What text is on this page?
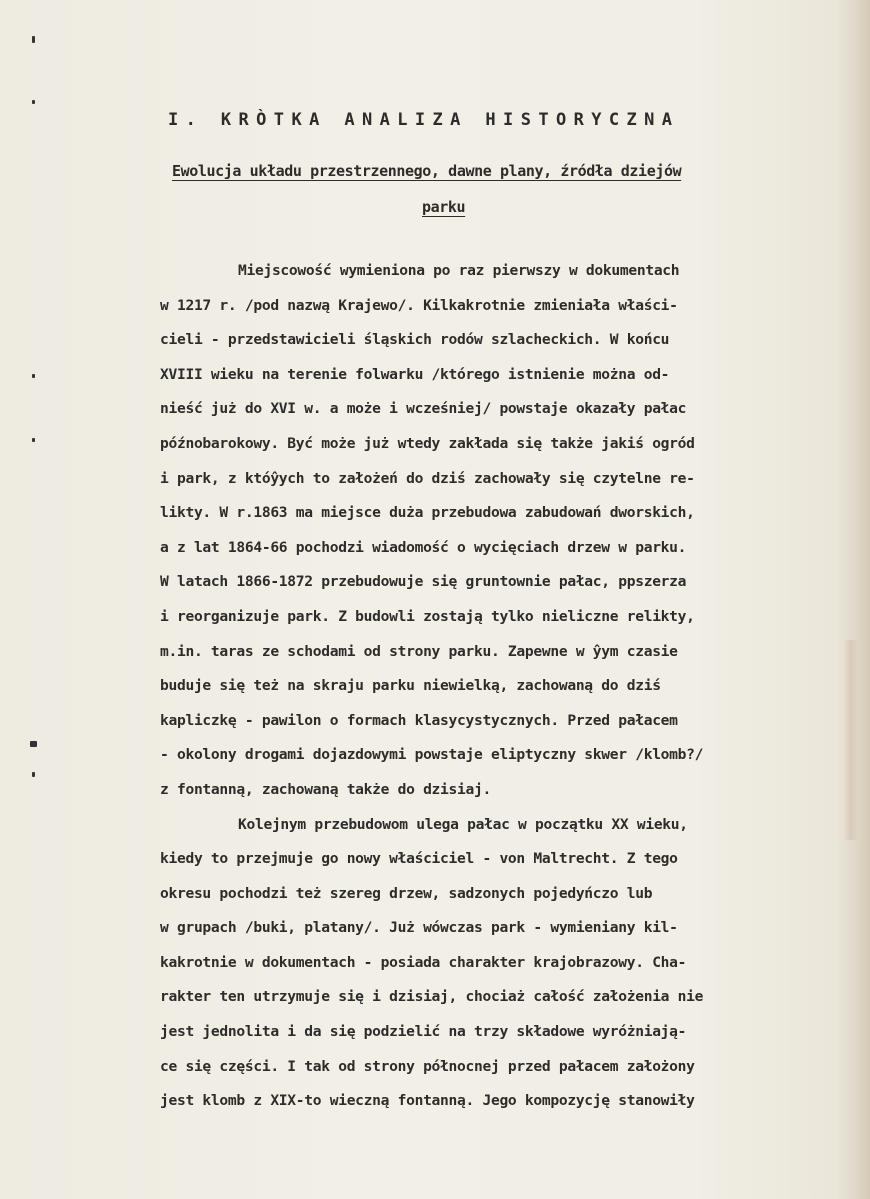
I. KRÒTKA ANALIZA HISTORYCZNA
Ewolucja układu przestrzennego, dawne plany, źródła dziejów
parku
Miejscowość wymieniona po raz pierwszy w dokumentach
w 1217 r. /pod nazwą Krajewo/. Kilkakrotnie zmieniała właści-
cieli - przedstawicieli śląskich rodów szlacheckich. W końcu
XVIII wieku na terenie folwarku /którego istnienie można od-
nieść już do XVI w. a może i wcześniej/ powstaje okazały pałac
późnobarokowy. Być może już wtedy zakłada się także jakiś ogród
i park, z któŷych to założeń do dziś zachowały się czytelne re-
likty. W r.1863 ma miejsce duża przebudowa zabudowań dworskich,
a z lat 1864-66 pochodzi wiadomość o wycięciach drzew w parku.
W latach 1866-1872 przebudowuje się gruntownie pałac, ppszerza
i reorganizuje park. Z budowli zostają tylko nieliczne relikty,
m.in. taras ze schodami od strony parku. Zapewne w ŷym czasie
buduje się też na skraju parku niewielką, zachowaną do dziś
kapliczkę - pawilon o formach klasycystycznych. Przed pałacem
- okolony drogami dojazdowymi powstaje eliptyczny skwer /klomb?/
z fontanną, zachowaną także do dzisiaj.
Kolejnym przebudowom ulega pałac w początku XX wieku,
kiedy to przejmuje go nowy właściciel - von Maltrecht. Z tego
okresu pochodzi też szereg drzew, sadzonych pojedyńczo lub
w grupach /buki, platany/. Już wówczas park - wymieniany kil-
kakrotnie w dokumentach - posiada charakter krajobrazowy. Cha-
rakter ten utrzymuje się i dzisiaj, chociaż całość założenia nie
jest jednolita i da się podzielić na trzy składowe wyróżniają-
ce się części. I tak od strony północnej przed pałacem założony
jest klomb z XIX-to wieczną fontanną. Jego kompozycję stanowiły
